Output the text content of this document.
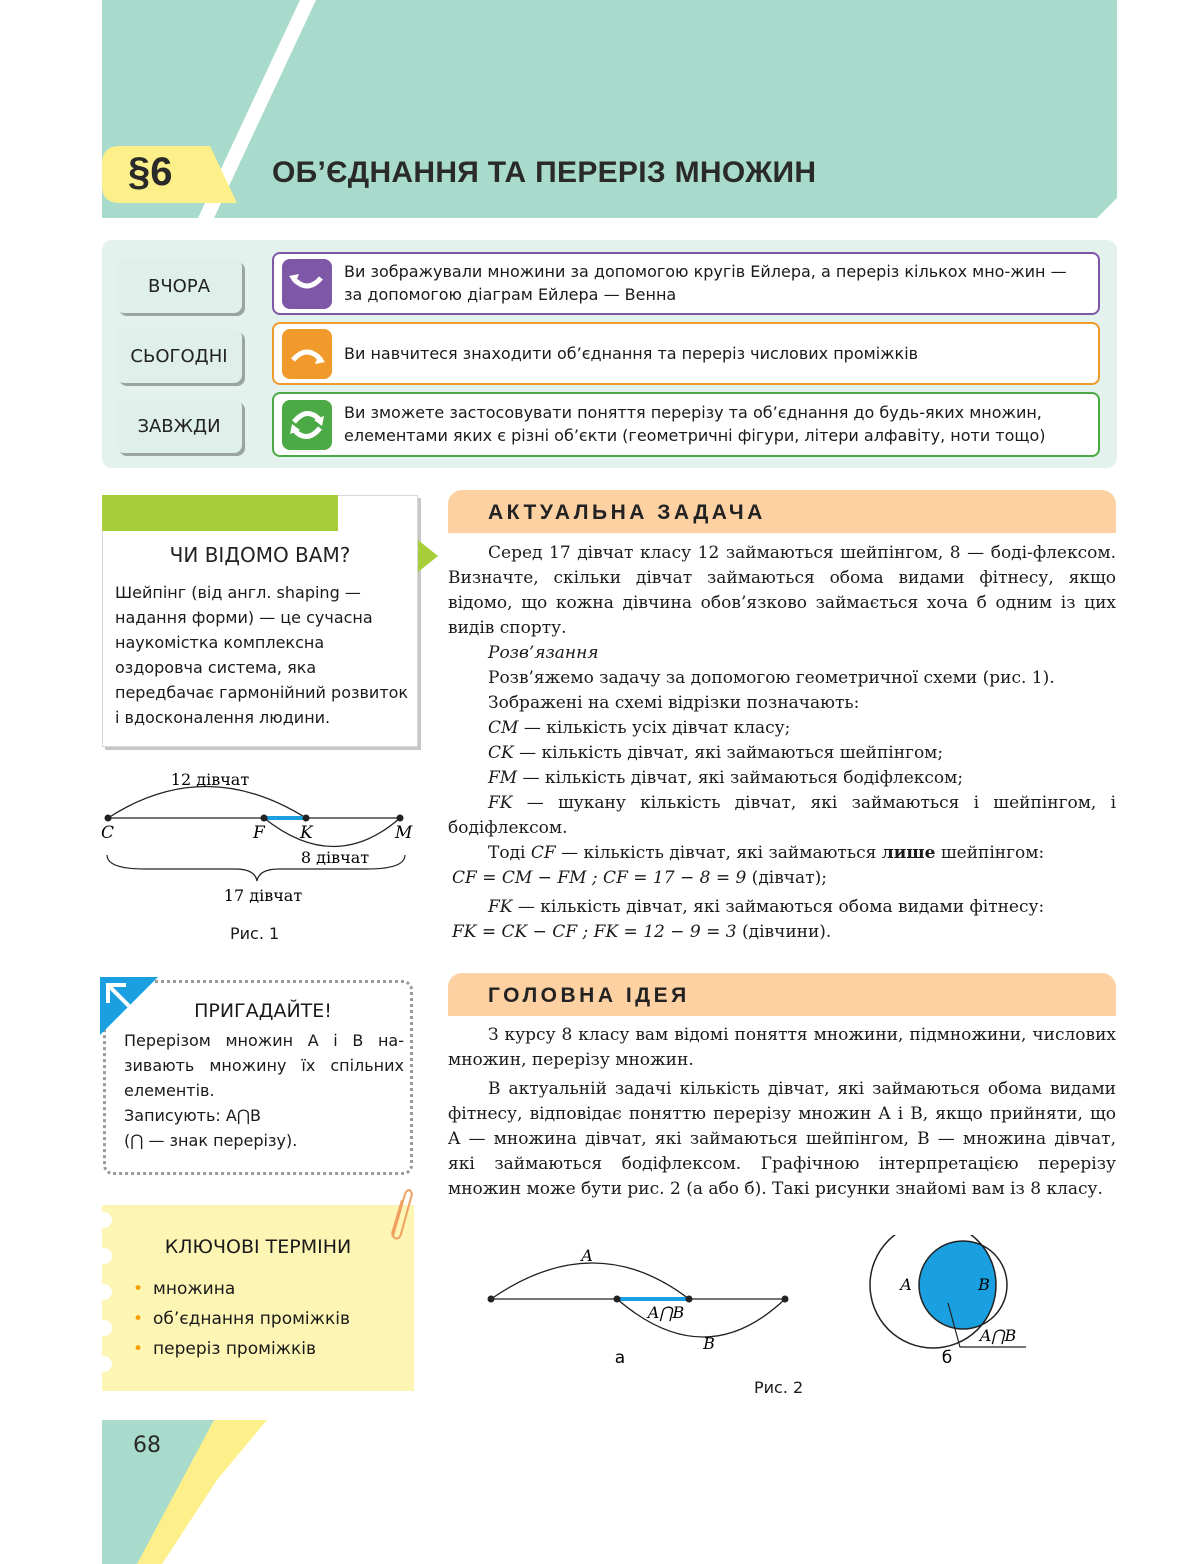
§6	ОБ’ЄДНАННЯ ТА ПЕРЕРІЗ МНОЖИН
ВЧОРА
Ви зображували множини за допомогою кругів Ейлера, а переріз кількох мно-жин — за допомогою діаграм Ейлера — Венна
СЬОГОДНІ	Ви навчитеся знаходити об’єднання та переріз числових проміжків
ЗАВЖДИ
Ви зможете застосовувати поняття перерізу та об’єднання до будь-яких множин, елементами яких є різні об’єкти (геометричні фігури, літери алфавіту, ноти тощо)
ЧИ ВІДОМО ВАМ?
Шейпінг (від англ. shaping — надання форми) — це сучасна наукомістка комплексна оздоровча система, яка передбачає гармонійний розвиток і вдосконалення людини.
12 дівчат
C	F K	M
8 дівчат
17 дівчат
Рис. 1
ПРИГАДАЙТЕ!
Перерізом множин A і B на-зивають множину їх спільних елементів.
Записують: A⋂B
(⋂ — знак перерізу).
КЛЮЧОВІ ТЕРМІНИ
• множина
• об’єднання проміжків
• переріз проміжків
АКТУАЛЬНА ЗАДАЧА

Серед 17 дівчат класу 12 займаються шейпінгом, 8 — боді-флексом. Визначте, скільки дівчат займаються обома видами фітнесу, якщо відомо, що кожна дівчина обов’язково займається хоча б одним із цих видів спорту.

Розв’язання

Розв’яжемо задачу за допомогою геометричної схеми (рис. 1).

Зображені на схемі відрізки позначають:

CM — кількість усіх дівчат класу;

CK — кількість дівчат, які займаються шейпінгом;

FM — кількість дівчат, які займаються бодіфлексом;

FK — шукану кількість дівчат, які займаються і шейпінгом, і бодіфлексом.

Тоді CF — кількість дівчат, які займаються лише шейпінгом:

CF = CM − FM ; CF = 17 − 8 = 9 (дівчат);

FK — кількість дівчат, які займаються обома видами фітнесу:

FK = CK − CF ; FK = 12 − 9 = 3 (дівчини).

ГОЛОВНА ІДЕЯ

З курсу 8 класу вам відомі поняття множини, підмножини, числових множин, перерізу множин.

В актуальній задачі кількість дівчат, які займаються обома видами фітнесу, відповідає поняттю перерізу множин A і B, якщо прийняти, що A — множина дівчат, які займаються шейпінгом, B — множина дівчат, які займаються бодіфлексом. Графічною інтерпретацією перерізу множин може бути рис. 2 (a або б). Такі рисунки знайомі вам із 8 класу.

A
A⋂B
B
а
A	B
A⋂B
б
Рис. 2
68
